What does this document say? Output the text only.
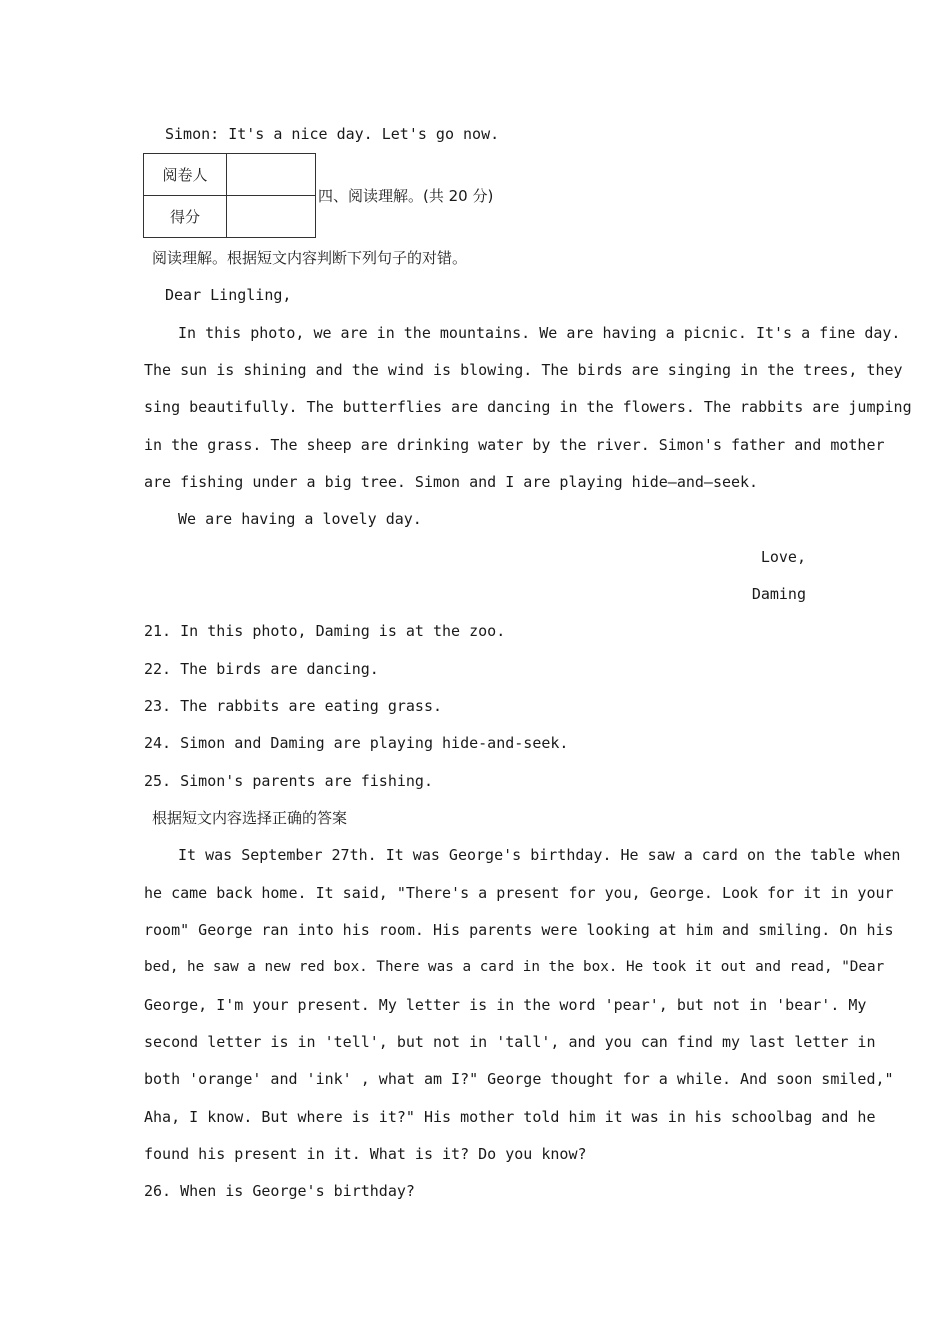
Simon: It's a nice day. Let's go now.
阅卷人	
得分	
四、阅读理解。(共 20 分)
阅读理解。根据短文内容判断下列句子的对错。
Dear Lingling,
In this photo, we are in the mountains. We are having a picnic. It's a fine day.
The sun is shining and the wind is blowing. The birds are singing in the trees, they
sing beautifully. The butterflies are dancing in the flowers. The rabbits are jumping
in the grass. The sheep are drinking water by the river. Simon's father and mother
are fishing under a big tree. Simon and I are playing hide—and—seek.
We are having a lovely day.
Love,
Daming
21. In this photo, Daming is at the zoo.
22. The birds are dancing.
23. The rabbits are eating grass.
24. Simon and Daming are playing hide-and-seek.
25. Simon's parents are fishing.
根据短文内容选择正确的答案
It was September 27th. It was George's birthday. He saw a card on the table when
he came back home. It said, "There's a present for you, George. Look for it in your
room" George ran into his room. His parents were looking at him and smiling. On his
bed, he saw a new red box. There was a card in the box. He took it out and read, "Dear
George, I'm your present. My letter is in the word 'pear', but not in 'bear'. My
second letter is in 'tell', but not in 'tall', and you can find my last letter in
both 'orange' and 'ink' , what am I?" George thought for a while. And soon smiled,"
Aha, I know. But where is it?" His mother told him it was in his schoolbag and he
found his present in it. What is it? Do you know?
26. When is George's birthday?
